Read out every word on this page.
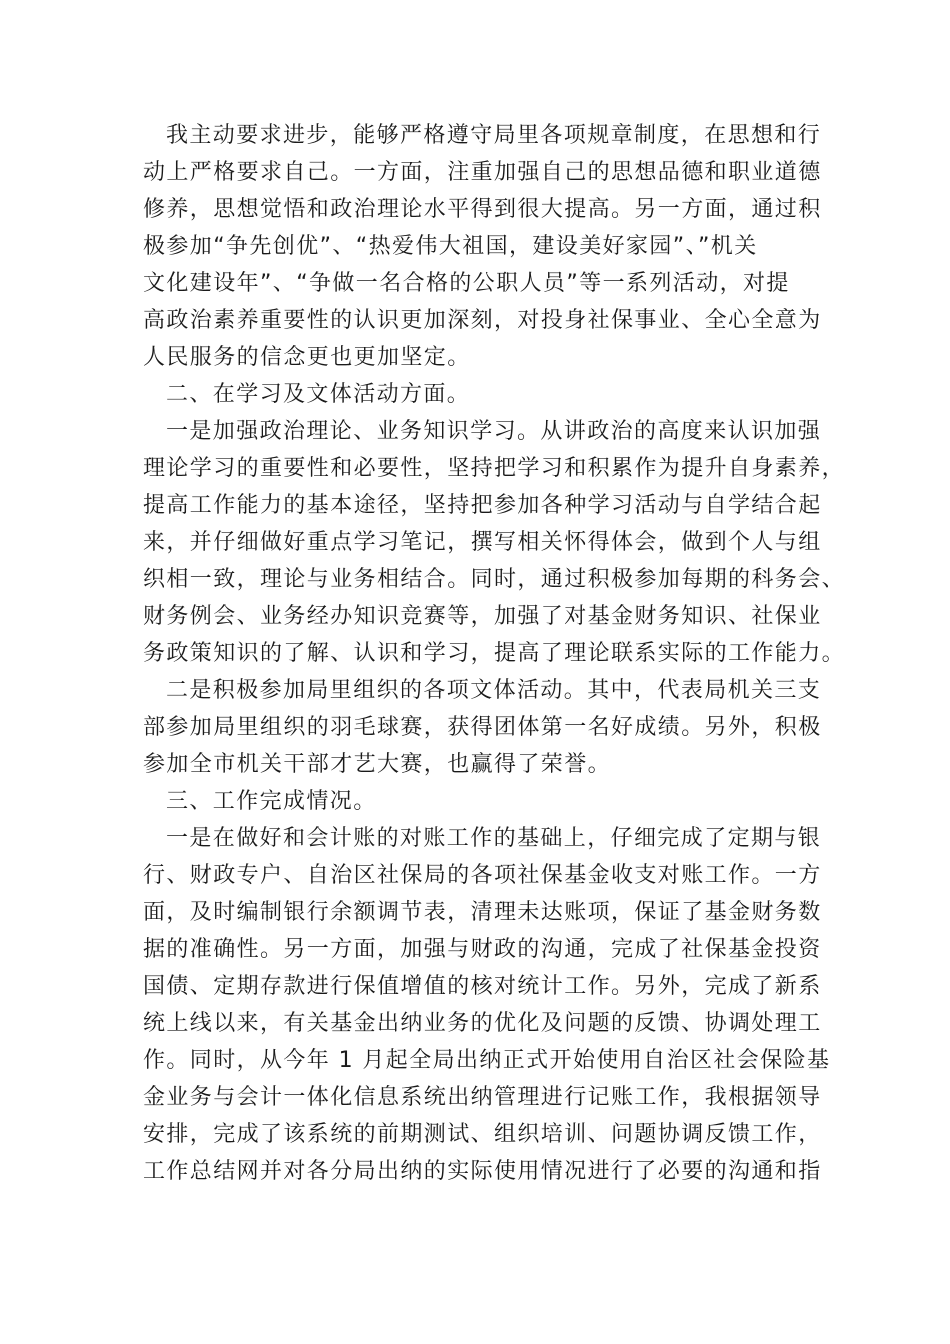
我主动要求进步，能够严格遵守局里各项规章制度，在思想和行
动上严格要求自己。一方面，注重加强自己的思想品德和职业道德
修养，思想觉悟和政治理论水平得到很大提高。另一方面，通过积
极参加“争先创优”、“热爱伟大祖国，建设美好家园”、”机关
文化建设年”、“争做一名合格的公职人员”等一系列活动，对提
高政治素养重要性的认识更加深刻，对投身社保事业、全心全意为
人民服务的信念更也更加坚定。
二、在学习及文体活动方面。
一是加强政治理论、业务知识学习。从讲政治的高度来认识加强
理论学习的重要性和必要性，坚持把学习和积累作为提升自身素养，
提高工作能力的基本途径，坚持把参加各种学习活动与自学结合起
来，并仔细做好重点学习笔记，撰写相关怀得体会，做到个人与组
织相一致，理论与业务相结合。同时，通过积极参加每期的科务会、
财务例会、业务经办知识竞赛等，加强了对基金财务知识、社保业
务政策知识的了解、认识和学习，提高了理论联系实际的工作能力。
二是积极参加局里组织的各项文体活动。其中，代表局机关三支
部参加局里组织的羽毛球赛，获得团体第一名好成绩。另外，积极
参加全市机关干部才艺大赛，也赢得了荣誉。
三、工作完成情况。
一是在做好和会计账的对账工作的基础上，仔细完成了定期与银
行、财政专户、自治区社保局的各项社保基金收支对账工作。一方
面，及时编制银行余额调节表，清理未达账项，保证了基金财务数
据的准确性。另一方面，加强与财政的沟通，完成了社保基金投资
国债、定期存款进行保值增值的核对统计工作。另外，完成了新系
统上线以来，有关基金出纳业务的优化及问题的反馈、协调处理工
作。同时，从今年 1 月起全局出纳正式开始使用自治区社会保险基
金业务与会计一体化信息系统出纳管理进行记账工作，我根据领导
安排，完成了该系统的前期测试、组织培训、问题协调反馈工作，
工作总结网并对各分局出纳的实际使用情况进行了必要的沟通和指
